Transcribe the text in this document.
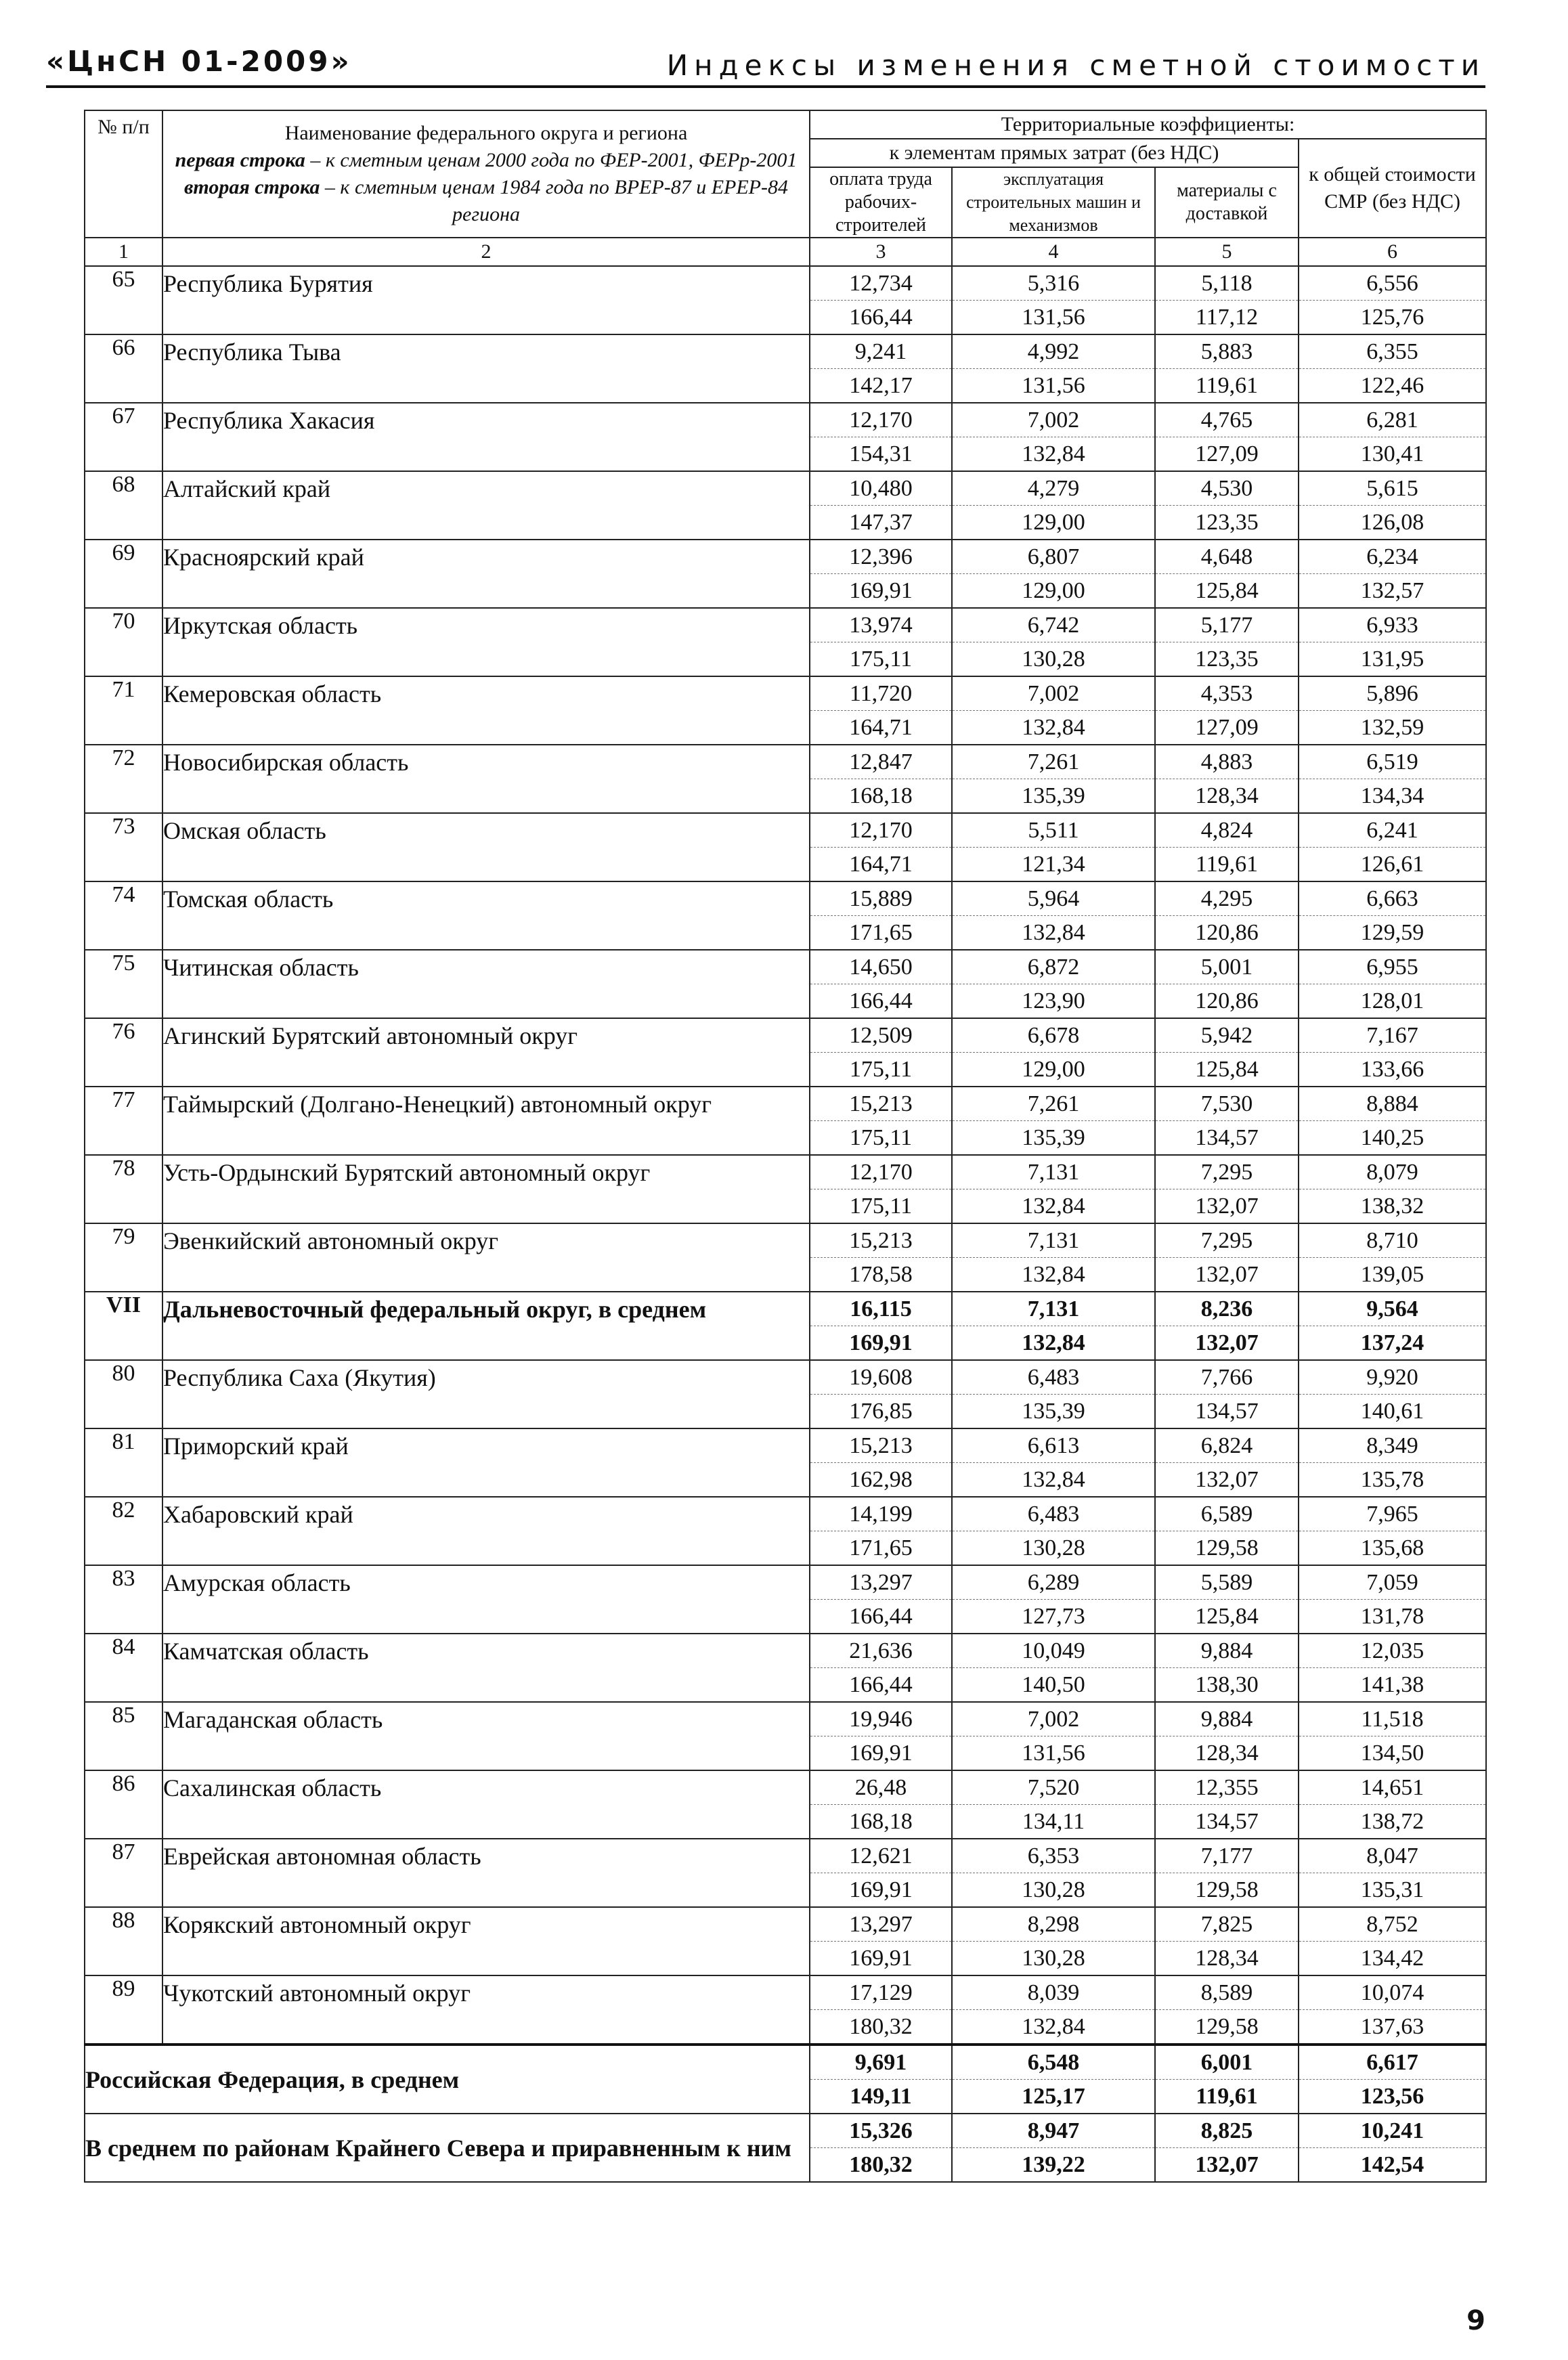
«ЦнСН 01-2009»	Индексы изменения сметной стоимости
№ п/п	Наименование федерального округа и региона
первая строка – к сметным ценам 2000 года по ФЕР-2001, ФЕРр-2001
вторая строка – к сметным ценам 1984 года по ВРЕР-87 и ЕРЕР-84 региона	Территориальные коэффициенты:			
		к элементам прямых затрат (без НДС)			к общей стоимости СМР (без НДС)
		оплата труда рабочих-строителей	эксплуатация строительных машин и механизмов	материалы с доставкой	
1	2	3	4	5	6
65	Республика Бурятия	12,734	5,316	5,118	6,556
		166,44	131,56	117,12	125,76
66	Республика Тыва	9,241	4,992	5,883	6,355
		142,17	131,56	119,61	122,46
67	Республика Хакасия	12,170	7,002	4,765	6,281
		154,31	132,84	127,09	130,41
68	Алтайский край	10,480	4,279	4,530	5,615
		147,37	129,00	123,35	126,08
69	Красноярский край	12,396	6,807	4,648	6,234
		169,91	129,00	125,84	132,57
70	Иркутская область	13,974	6,742	5,177	6,933
		175,11	130,28	123,35	131,95
71	Кемеровская область	11,720	7,002	4,353	5,896
		164,71	132,84	127,09	132,59
72	Новосибирская область	12,847	7,261	4,883	6,519
		168,18	135,39	128,34	134,34
73	Омская область	12,170	5,511	4,824	6,241
		164,71	121,34	119,61	126,61
74	Томская область	15,889	5,964	4,295	6,663
		171,65	132,84	120,86	129,59
75	Читинская область	14,650	6,872	5,001	6,955
		166,44	123,90	120,86	128,01
76	Агинский Бурятский автономный округ	12,509	6,678	5,942	7,167
		175,11	129,00	125,84	133,66
77	Таймырский (Долгано-Ненецкий) автономный округ	15,213	7,261	7,530	8,884
		175,11	135,39	134,57	140,25
78	Усть-Ордынский Бурятский автономный округ	12,170	7,131	7,295	8,079
		175,11	132,84	132,07	138,32
79	Эвенкийский автономный округ	15,213	7,131	7,295	8,710
		178,58	132,84	132,07	139,05
VII	Дальневосточный федеральный округ, в среднем	16,115	7,131	8,236	9,564
		169,91	132,84	132,07	137,24
80	Республика Саха (Якутия)	19,608	6,483	7,766	9,920
		176,85	135,39	134,57	140,61
81	Приморский край	15,213	6,613	6,824	8,349
		162,98	132,84	132,07	135,78
82	Хабаровский край	14,199	6,483	6,589	7,965
		171,65	130,28	129,58	135,68
83	Амурская область	13,297	6,289	5,589	7,059
		166,44	127,73	125,84	131,78
84	Камчатская область	21,636	10,049	9,884	12,035
		166,44	140,50	138,30	141,38
85	Магаданская область	19,946	7,002	9,884	11,518
		169,91	131,56	128,34	134,50
86	Сахалинская область	26,48	7,520	12,355	14,651
		168,18	134,11	134,57	138,72
87	Еврейская автономная область	12,621	6,353	7,177	8,047
		169,91	130,28	129,58	135,31
88	Корякский автономный округ	13,297	8,298	7,825	8,752
		169,91	130,28	128,34	134,42
89	Чукотский автономный округ	17,129	8,039	8,589	10,074
		180,32	132,84	129,58	137,63
Российская Федерация, в среднем		9,691	6,548	6,001	6,617
		149,11	125,17	119,61	123,56
В среднем по районам Крайнего Севера и приравненным к ним		15,326	8,947	8,825	10,241
		180,32	139,22	132,07	142,54
9
